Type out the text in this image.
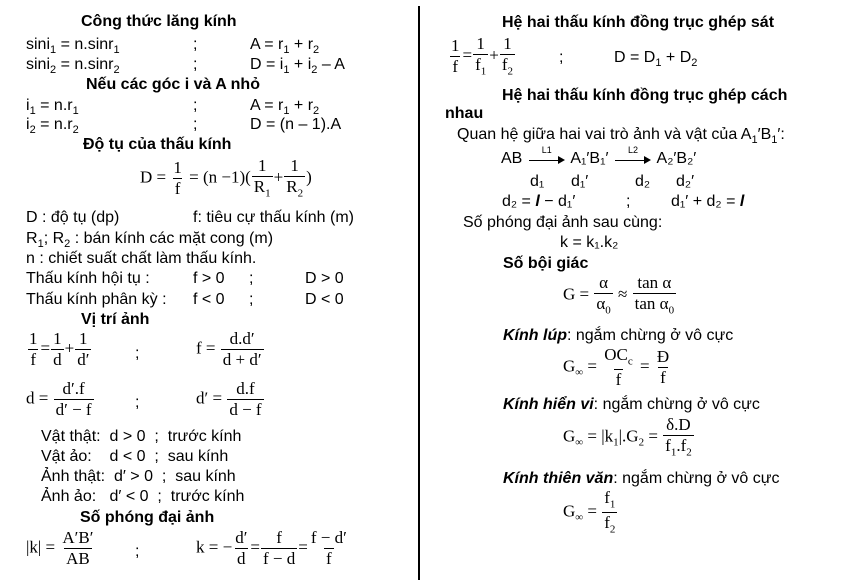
Công thức lăng kính
sini$_1$ = n.sinr$_1$	;	$A = r_1 + r_2$
sini$_2$ = n.sinr$_2$	;	$D = i_1 + i_2 - A$
Nếu các góc i và A nhỏ
$i_1 = n.r_1$	;	$A = r_1 + r_2$
$i_2 = n.r_2$	;	D = (n – 1).A
Độ tụ của thấu kính
$D = \frac{1}{f} = (n -1)( \frac{1}{R_1} + \frac{1}{R_2}$ )
D : độ tụ (dp)	f: tiêu cự thấu kính (m)
$R_1$; $R_2$ : bán kính các mặt cong (m)
n : chiết suất chất làm thấu kính.
Thấu kính hội tụ :	f > 0 ;	D > 0
Thấu kính phân kỳ : f < 0 ;	D < 0
Vị trí ảnh
$\frac{1}{f} = \frac{1}{d} + \frac{1}{d'}$	;	$f = \frac{d.d'}{d + d'}$
$d = \frac{d'.f}{d' - f}$	;	$d' = \frac{d.f}{d - f}$
Vật thật:  d > 0  ;  trước kính
Vật ảo:    d < 0  ;  sau kính
Ảnh thật:  d′ > 0  ;  sau kính
Ảnh ảo:   d′ < 0  ;  trước kính
Số phóng đại ảnh
$|k| = \frac{A'B'}{AB}$ ;	k = − $\frac{d'}{d} = \frac{f}{f - d} = \frac{f - d'}{f}$
Hệ hai thấu kính đồng trục ghép sát
$\frac{1}{f} = \frac{1}{f_1} + \frac{1}{f_2}$	;	$D = D_1 + D_2$
Hệ hai thấu kính đồng trục ghép cách
nhau
Quan hệ giữa hai vai trò ảnh và vật của $A_1'B_1'$:
AB
L1
A₁′B₁′
L2
A₂′B₂′
d₁ d₁′	d₂ d₂′
d₂ = l − d₁′	;	d₁′ + d₂ = l
Số phóng đại ảnh sau cùng:
k = k₁.k₂
Số bội giác
$G = \frac{\alpha}{\alpha_0} \approx \frac{\text{tan α}}{\tan \alpha_0}$
Kính lúp: ngắm chừng ở vô cực
$G_\infty = \frac{OC_c}{f} = \frac{Đ}{f}$
Kính hiển vi: ngắm chừng ở vô cực
$G_\infty = |k_1|.G_2 = \frac{\delta.D}{f_1.f_2}$
Kính thiên văn: ngắm chừng ở vô cực
$G_\infty = \frac{f_1}{f_2}$
